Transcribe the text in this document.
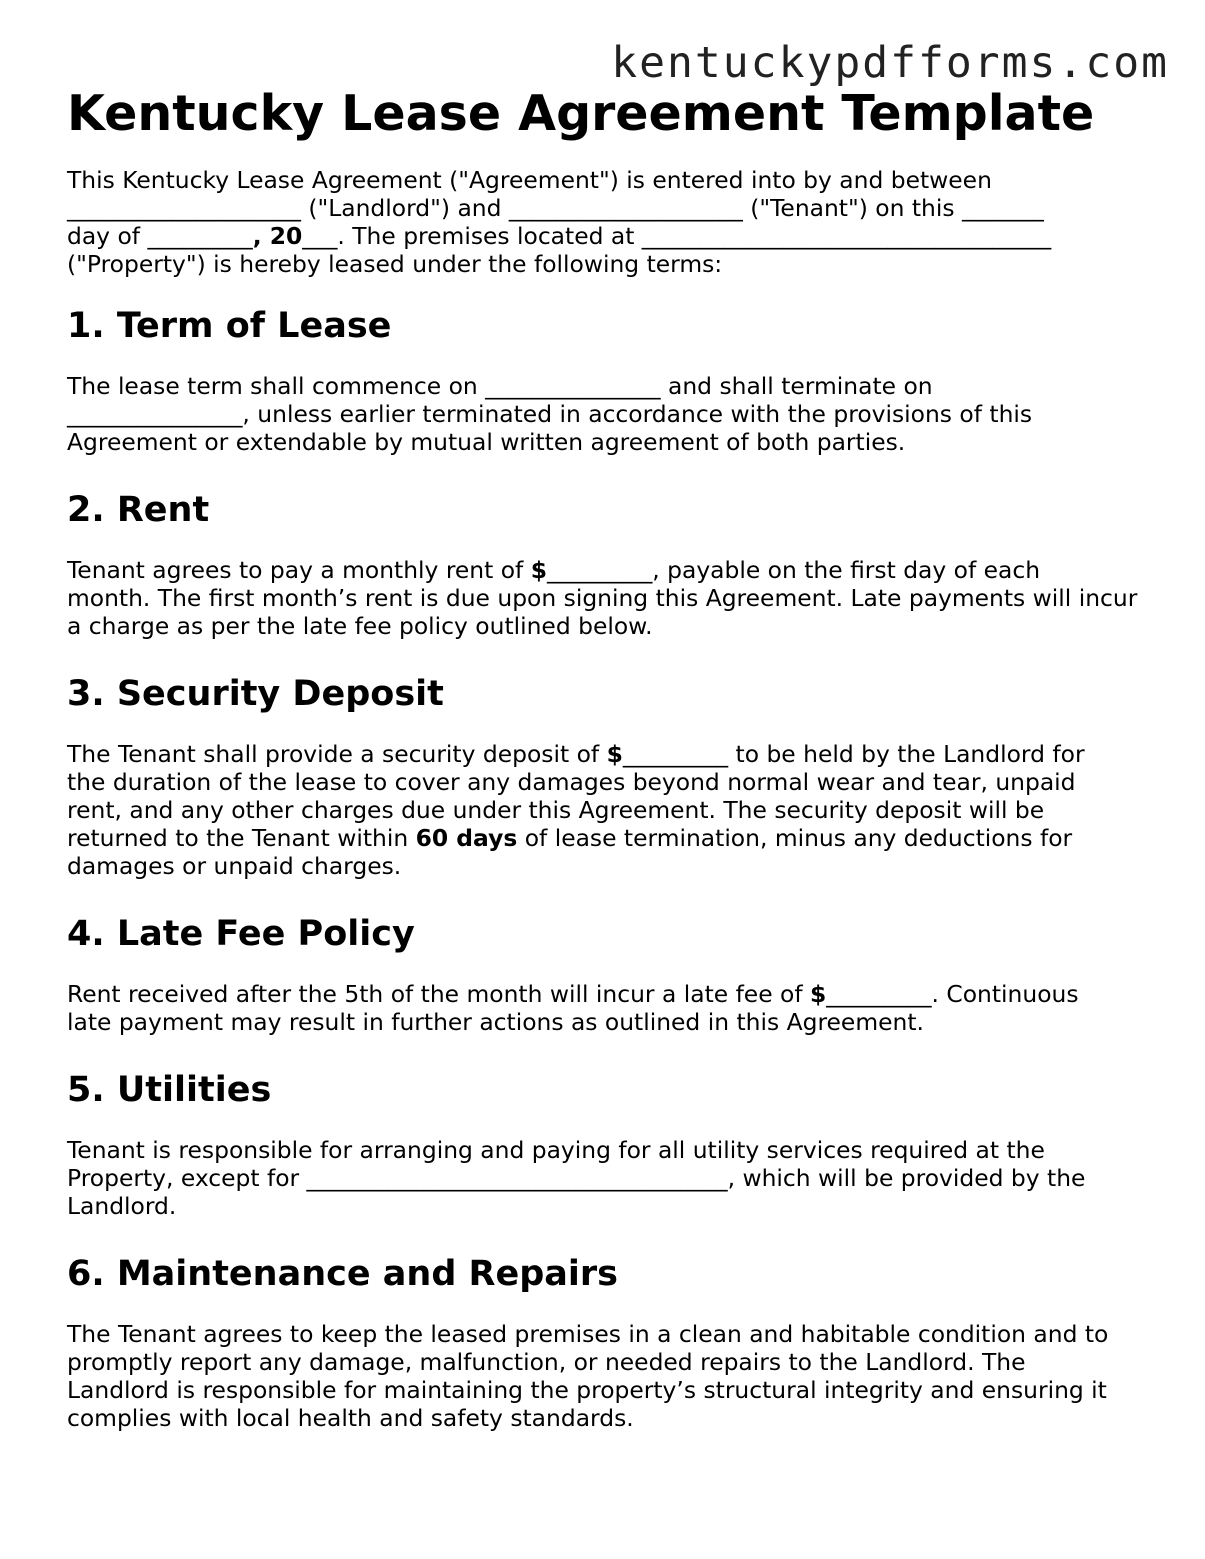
kentuckypdfforms.com
Kentucky Lease Agreement Template
This Kentucky Lease Agreement ("Agreement") is entered into by and between
____________________ ("Landlord") and ____________________ ("Tenant") on this _______
day of _________, 20___. The premises located at ___________________________________
("Property") is hereby leased under the following terms:
1. Term of Lease
The lease term shall commence on _______________ and shall terminate on
_______________, unless earlier terminated in accordance with the provisions of this
Agreement or extendable by mutual written agreement of both parties.
2. Rent
Tenant agrees to pay a monthly rent of $_________, payable on the first day of each
month. The first month’s rent is due upon signing this Agreement. Late payments will incur
a charge as per the late fee policy outlined below.
3. Security Deposit
The Tenant shall provide a security deposit of $_________ to be held by the Landlord for
the duration of the lease to cover any damages beyond normal wear and tear, unpaid
rent, and any other charges due under this Agreement. The security deposit will be
returned to the Tenant within 60 days of lease termination, minus any deductions for
damages or unpaid charges.
4. Late Fee Policy
Rent received after the 5th of the month will incur a late fee of $_________. Continuous
late payment may result in further actions as outlined in this Agreement.
5. Utilities
Tenant is responsible for arranging and paying for all utility services required at the
Property, except for ____________________________________, which will be provided by the
Landlord.
6. Maintenance and Repairs
The Tenant agrees to keep the leased premises in a clean and habitable condition and to
promptly report any damage, malfunction, or needed repairs to the Landlord. The
Landlord is responsible for maintaining the property’s structural integrity and ensuring it
complies with local health and safety standards.
